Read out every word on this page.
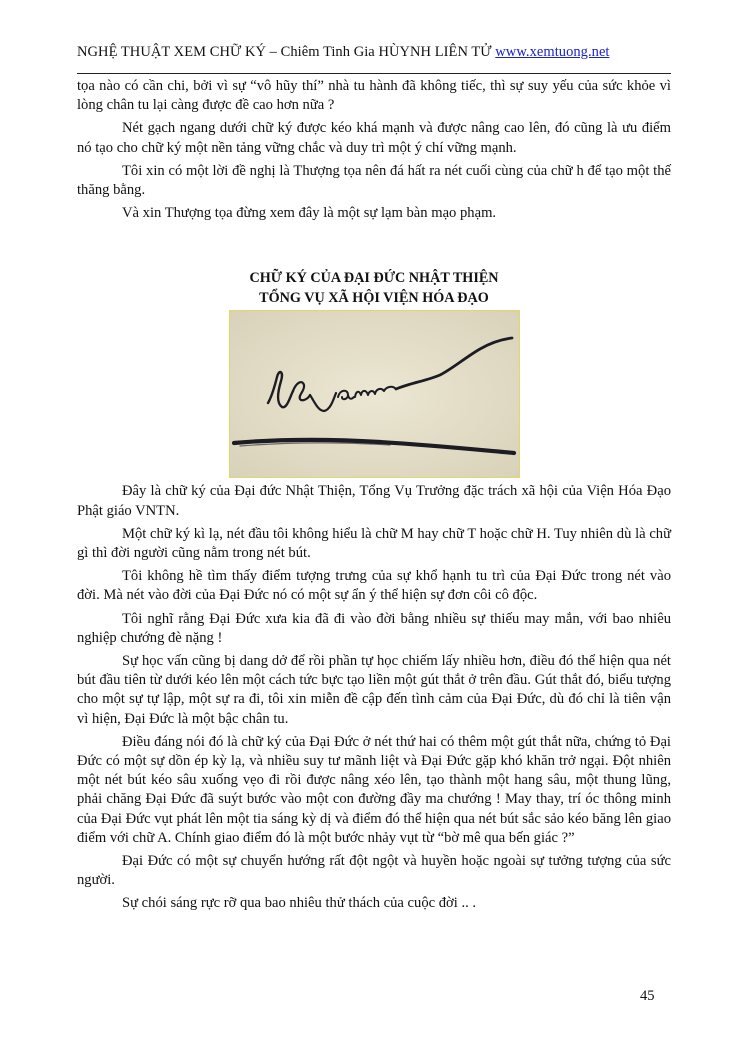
NGHỆ THUẬT XEM CHỮ KÝ – Chiêm Tinh Gia HÙYNH LIÊN TỬ www.xemtuong.net

tọa nào có cần chi, bởi vì sự “vô hũy thí” nhà tu hành đã không tiếc, thì sự suy yếu của sức khỏe vì lòng chân tu lại càng được đề cao hơn nữa ?

Nét gạch ngang dưới chữ ký được kéo khá mạnh và được nâng cao lên, đó cũng là ưu điểm nó tạo cho chữ ký một nền tảng vững chắc và duy trì một ý chí vững mạnh.

Tôi xin có một lời đề nghị là Thượng tọa nên đá hất ra nét cuối cùng của chữ h để tạo một thế thăng bằng.

Và xin Thượng tọa đừng xem đây là một sự lạm bàn mạo phạm.

CHỮ KÝ CỦA ĐẠI ĐỨC NHẬT THIỆN
TỔNG VỤ XÃ HỘI VIỆN HÓA ĐẠO

Đây là chữ ký của Đại đức Nhật Thiện, Tổng Vụ Trưởng đặc trách xã hội của Viện Hóa Đạo Phật giáo VNTN.

Một chữ ký kì lạ, nét đầu tôi không hiểu là chữ M hay chữ T hoặc chữ H. Tuy nhiên dù là chữ gì thì đời người cũng nằm trong nét bút.

Tôi không hề tìm thấy điểm tượng trưng của sự khổ hạnh tu trì của Đại Đức trong nét vào đời. Mà nét vào đời của Đại Đức nó có một sự ẩn ý thể hiện sự đơn côi cô độc.

Tôi nghĩ rằng Đại Đức xưa kia đã đi vào đời bằng nhiều sự thiếu may mắn, với bao nhiêu nghiệp chướng đè nặng !

Sự học vấn cũng bị dang dở để rồi phần tự học chiếm lấy nhiều hơn, điều đó thể hiện qua nét bút đầu tiên từ dưới kéo lên một cách tức bực tạo liền một gút thắt ở trên đầu. Gút thắt đó, biểu tượng cho một sự tự lập, một sự ra đi, tôi xin miễn đề cập đến tình cảm của Đại Đức, dù đó chỉ là tiên vận vì hiện, Đại Đức là một bậc chân tu.

Điều đáng nói đó là chữ ký của Đại Đức ở nét thứ hai có thêm một gút thắt nữa, chứng tỏ Đại Đức có một sự dồn ép kỳ lạ, và nhiều suy tư mãnh liệt và Đại Đức gặp khó khăn trở ngại. Đột nhiên một nét bút kéo sâu xuống vẹo đi rồi được nâng xéo lên, tạo thành một hang sâu, một thung lũng, phải chăng Đại Đức đã suýt bước vào một con đường đầy ma chướng ! May thay, trí óc thông minh của Đại Đức vụt phát lên một tia sáng kỳ dị và điểm đó thể hiện qua nét bút sắc sảo kéo băng lên giao điểm với chữ A. Chính giao điểm đó là một bước nhảy vụt từ “bờ mê qua bến giác ?”

Đại Đức có một sự chuyển hướng rất đột ngột và huyền hoặc ngoài sự tưởng tượng của sức người.

Sự chói sáng rực rỡ qua bao nhiêu thử thách của cuộc đời .. .

45
